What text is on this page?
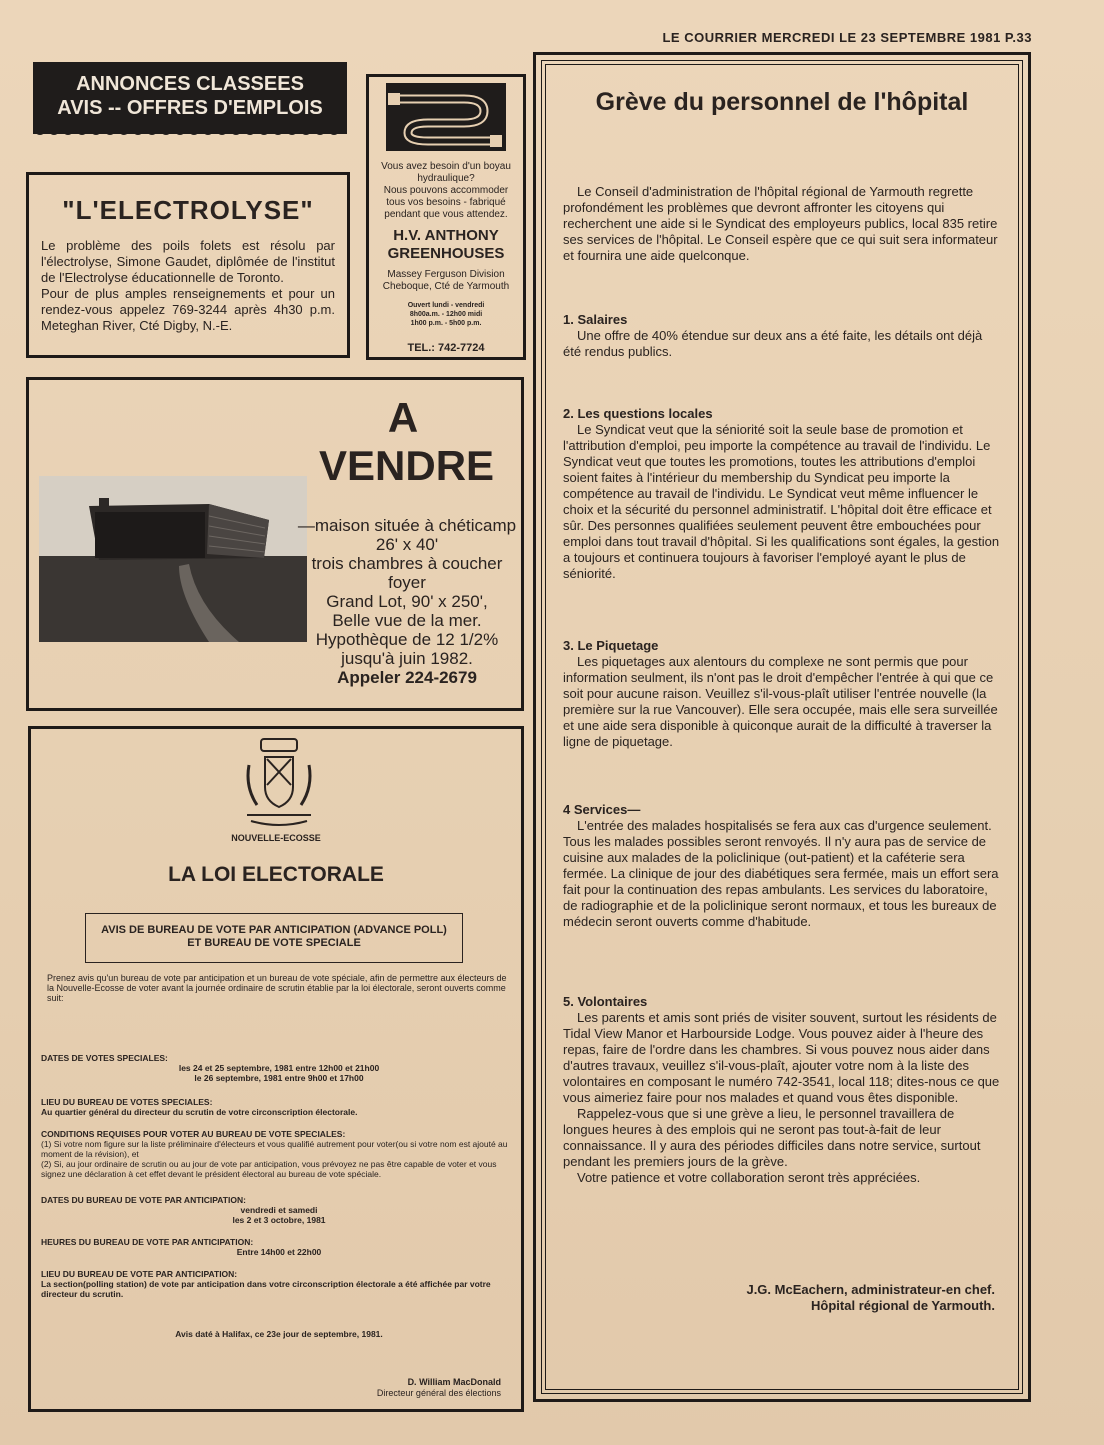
LE COURRIER MERCREDI LE 23 SEPTEMBRE 1981 P.33
ANNONCES CLASSEES
AVIS -- OFFRES D'EMPLOIS
"L'ELECTROLYSE"

Le problème des poils folets est résolu par l'électrolyse, Simone Gaudet, diplômée de l'institut de l'Electrolyse éducationnelle de Toronto.

Pour de plus amples renseignements et pour un rendez-vous appelez 769-3244 après 4h30 p.m. Meteghan River, Cté Digby, N.-E.

Vous avez besoin d'un boyau hydraulique?
Nous pouvons accommoder tous vos besoins - fabriqué pendant que vous attendez.
H.V. ANTHONY
GREENHOUSES
Massey Ferguson Division
Cheboque, Cté de Yarmouth
Ouvert lundi - vendredi
8h00a.m. - 12h00 midi
1h00 p.m. - 5h00 p.m.
TEL.: 742-7724
A
VENDRE
—maison située à chéticamp
26' x 40'
trois chambres à coucher
foyer
Grand Lot, 90' x 250',
Belle vue de la mer.
Hypothèque de 12 1/2%
jusqu'à juin 1982.
Appeler 224-2679
NOUVELLE-ECOSSE
LA LOI ELECTORALE
AVIS DE BUREAU DE VOTE PAR ANTICIPATION (ADVANCE POLL)
ET BUREAU DE VOTE SPECIALE
Prenez avis qu'un bureau de vote par anticipation et un bureau de vote spéciale, afin de permettre aux électeurs de la Nouvelle-Ecosse de voter avant la journée ordinaire de scrutin établie par la loi électorale, seront ouverts comme suit:
DATES DE VOTES SPECIALES:
les 24 et 25 septembre, 1981 entre 12h00 et 21h00
le 26 septembre, 1981 entre 9h00 et 17h00
LIEU DU BUREAU DE VOTES SPECIALES:
Au quartier général du directeur du scrutin de votre circonscription électorale.
CONDITIONS REQUISES POUR VOTER AU BUREAU DE VOTE SPECIALES:
(1) Si votre nom figure sur la liste préliminaire d'électeurs et vous qualifié autrement pour voter(ou si votre nom est ajouté au moment de la révision), et
(2) Si, au jour ordinaire de scrutin ou au jour de vote par anticipation, vous prévoyez ne pas être capable de voter et vous signez une déclaration à cet effet devant le président électoral au bureau de vote spéciale.
DATES DU BUREAU DE VOTE PAR ANTICIPATION:
vendredi et samedi
les 2 et 3 octobre, 1981
HEURES DU BUREAU DE VOTE PAR ANTICIPATION:
Entre 14h00 et 22h00
LIEU DU BUREAU DE VOTE PAR ANTICIPATION:
La section(polling station) de vote par anticipation dans votre circonscription électorale a été affichée par votre directeur du scrutin.
Avis daté à Halifax, ce 23e jour de septembre, 1981.
D. William MacDonald
Directeur général des élections
Grève du personnel de l'hôpital
Le Conseil d'administration de l'hôpital régional de Yarmouth regrette profondément les problèmes que devront affronter les citoyens qui recherchent une aide si le Syndicat des employeurs publics, local 835 retire ses services de l'hôpital. Le Conseil espère que ce qui suit sera informateur et fournira une aide quelconque.
1. Salaires
Une offre de 40% étendue sur deux ans a été faite, les détails ont déjà été rendus publics.
2. Les questions locales
Le Syndicat veut que la séniorité soit la seule base de promotion et l'attribution d'emploi, peu importe la compétence au travail de l'individu. Le Syndicat veut que toutes les promotions, toutes les attributions d'emploi soient faites à l'intérieur du membership du Syndicat peu importe la compétence au travail de l'individu. Le Syndicat veut même influencer le choix et la sécurité du personnel administratif. L'hôpital doit être efficace et sûr. Des personnes qualifiées seulement peuvent être embouchées pour emploi dans tout travail d'hôpital. Si les qualifications sont égales, la gestion a toujours et continuera toujours à favoriser l'employé ayant le plus de séniorité.
3. Le Piquetage
Les piquetages aux alentours du complexe ne sont permis que pour information seulment, ils n'ont pas le droit d'empêcher l'entrée à qui que ce soit pour aucune raison. Veuillez s'il-vous-plaît utiliser l'entrée nouvelle (la première sur la rue Vancouver). Elle sera occupée, mais elle sera surveillée et une aide sera disponible à quiconque aurait de la difficulté à traverser la ligne de piquetage.
4 Services—
L'entrée des malades hospitalisés se fera aux cas d'urgence seulement. Tous les malades possibles seront renvoyés. Il n'y aura pas de service de cuisine aux malades de la policlinique (out-patient) et la caféterie sera fermée. La clinique de jour des diabétiques sera fermée, mais un effort sera fait pour la continuation des repas ambulants. Les services du laboratoire, de radiographie et de la policlinique seront normaux, et tous les bureaux de médecin seront ouverts comme d'habitude.
5. Volontaires
Les parents et amis sont priés de visiter souvent, surtout les résidents de Tidal View Manor et Harbourside Lodge. Vous pouvez aider à l'heure des repas, faire de l'ordre dans les chambres. Si vous pouvez nous aider dans d'autres travaux, veuillez s'il-vous-plaît, ajouter votre nom à la liste des volontaires en composant le numéro 742-3541, local 118; dites-nous ce que vous aimeriez faire pour nos malades et quand vous êtes disponible.
Rappelez-vous que si une grève a lieu, le personnel travaillera de longues heures à des emplois qui ne seront pas tout-à-fait de leur connaissance. Il y aura des périodes difficiles dans notre service, surtout pendant les premiers jours de la grève.
Votre patience et votre collaboration seront très appréciées.
J.G. McEachern, administrateur-en chef.
Hôpital régional de Yarmouth.
